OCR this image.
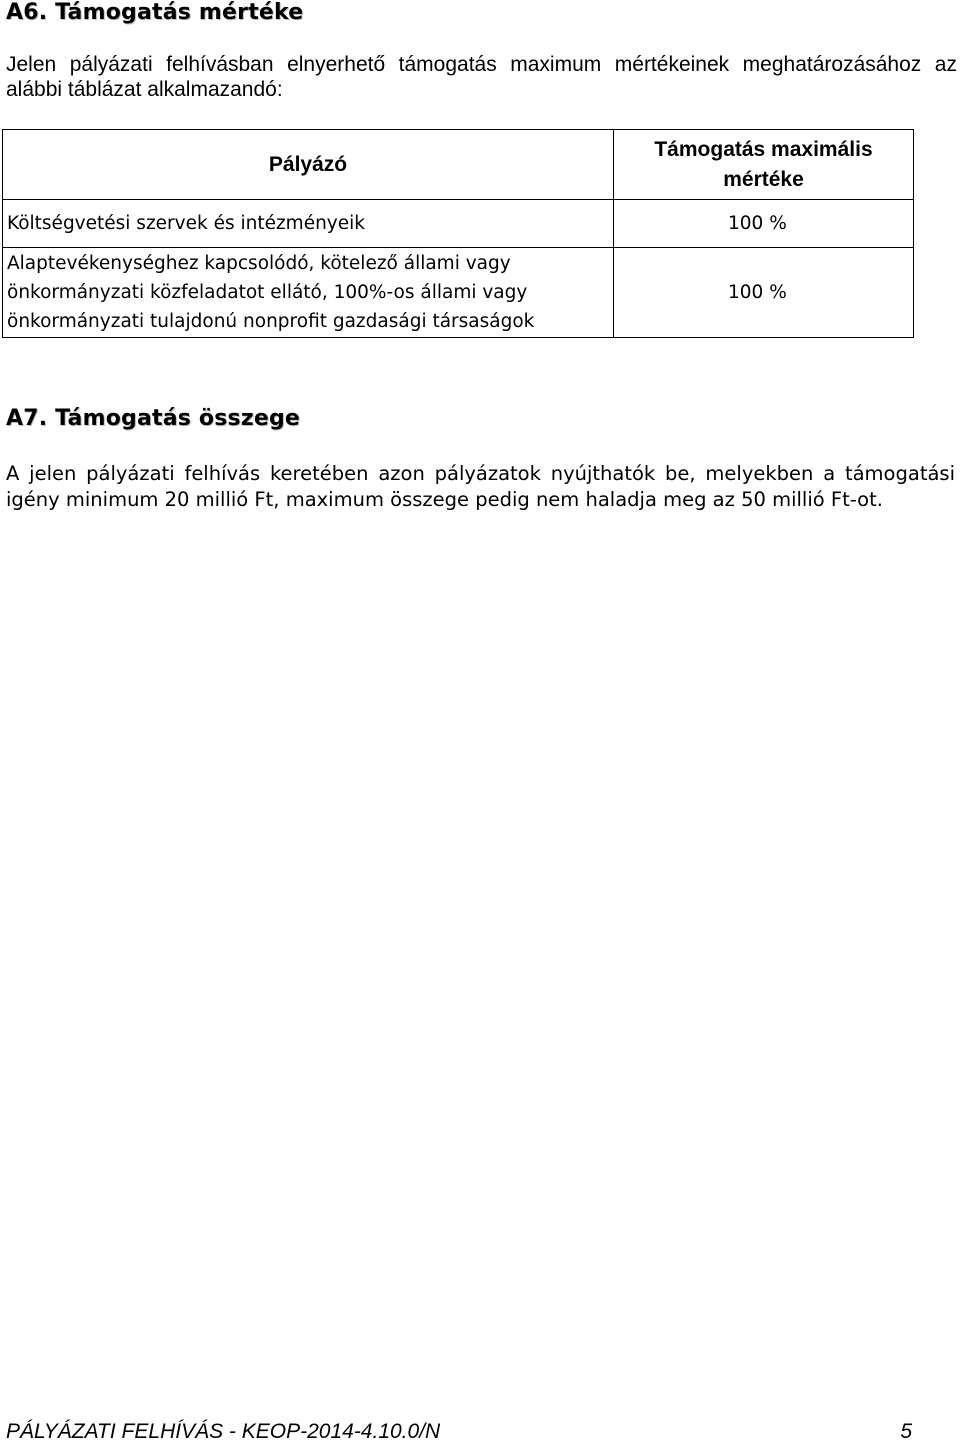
A6. Támogatás mértéke

Jelen pályázati felhívásban elnyerhető támogatás maximum mértékeinek meghatározásához az alábbi táblázat alkalmazandó:

Pályázó	Támogatás maximális mértéke
Költségvetési szervek és intézményeik	100 %
Alaptevékenységhez kapcsolódó, kötelező állami vagy önkormányzati közfeladatot ellátó, 100%-os állami vagy önkormányzati tulajdonú nonprofit gazdasági társaságok	100 %
A7. Támogatás összege

A jelen pályázati felhívás keretében azon pályázatok nyújthatók be, melyekben a támogatási igény minimum 20 millió Ft, maximum összege pedig nem haladja meg az 50 millió Ft-ot.

PÁLYÁZATI FELHÍVÁS - KEOP-2014-4.10.0/N	5
